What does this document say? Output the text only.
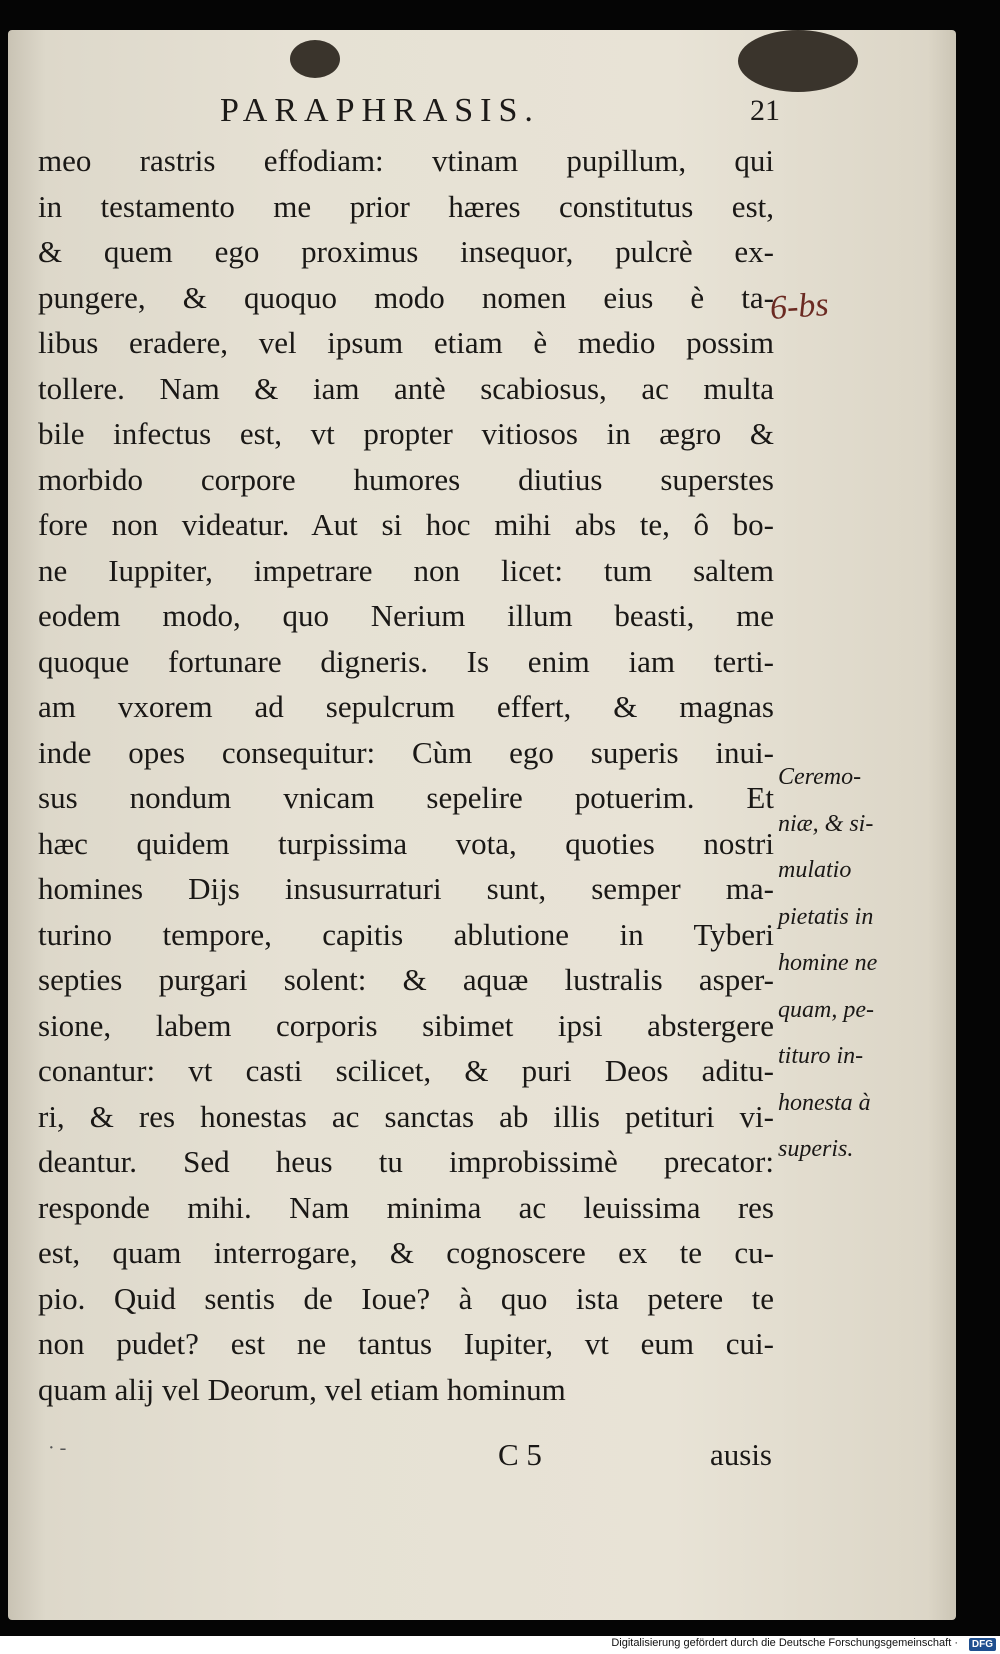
PARAPHRASIS.	21
meo rastris effodiam: vtinam pupillum, qui
in testamento me prior hæres constitutus est,
& quem ego proximus insequor, pulcrè ex-
pungere, & quoquo modo nomen eius è ta-
libus eradere, vel ipsum etiam è medio possim
tollere. Nam & iam antè scabiosus, ac multa
bile infectus est, vt propter vitiosos in ægro &
morbido corpore humores diutius superstes
fore non videatur. Aut si hoc mihi abs te, ô bo-
ne Iuppiter, impetrare non licet: tum saltem
eodem modo, quo Nerium illum beasti, me
quoque fortunare digneris. Is enim iam terti-
am vxorem ad sepulcrum effert, & magnas
inde opes consequitur: Cùm ego superis inui-
sus nondum vnicam sepelire potuerim. Et
hæc quidem turpissima vota, quoties nostri
homines Dijs insusurraturi sunt, semper ma-
turino tempore, capitis ablutione in Tyberi
septies purgari solent: & aquæ lustralis asper-
sione, labem corporis sibimet ipsi abstergere
conantur: vt casti scilicet, & puri Deos aditu-
ri, & res honestas ac sanctas ab illis petituri vi-
deantur. Sed heus tu improbissimè precator:
responde mihi. Nam minima ac leuissima res
est, quam interrogare, & cognoscere ex te cu-
pio. Quid sentis de Ioue? à quo ista petere te
non pudet? est ne tantus Iupiter, vt eum cui-
quam alij vel Deorum, vel etiam hominum
6-bs
Ceremo-
niæ, & si-
mulatio
pietatis in
homine ne
quam, pe-
tituro in-
honesta à
superis.
· -	C 5	ausis
Digitalisierung gefördert durch die Deutsche Forschungsgemeinschaft ·	DFG
